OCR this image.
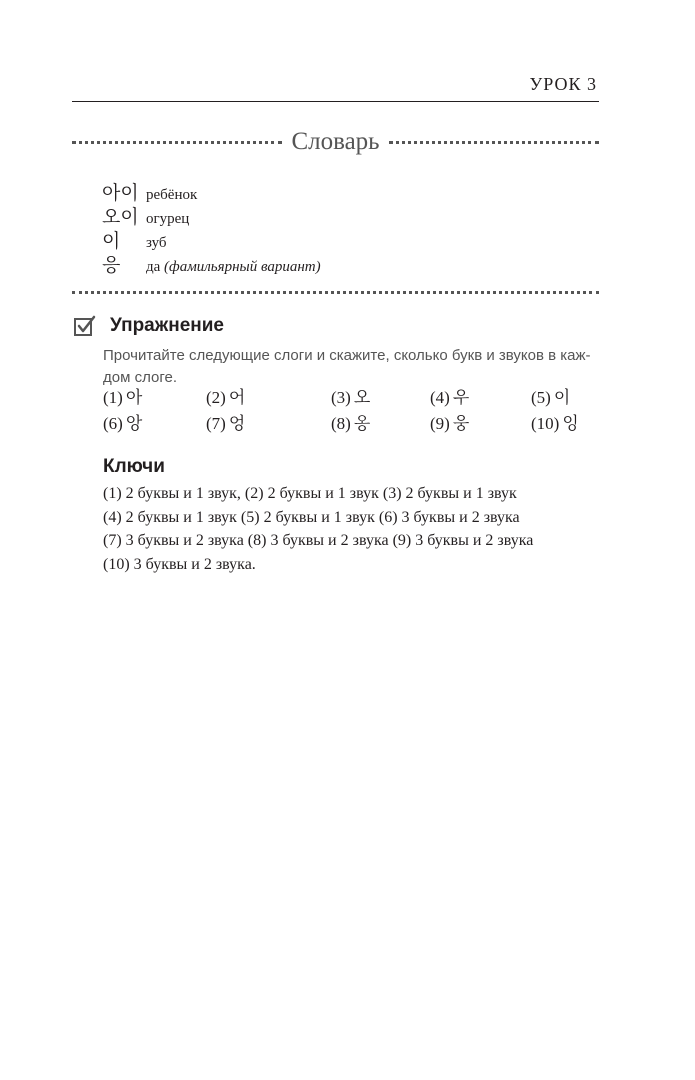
УРОК 3
Словарь
아이 ребёнок
오이 огурец
이	зуб
응	да (фамильярный вариант)
Упражнение
Прочитайте следующие слоги и скажите, сколько букв и звуков в каж-
дом слоге.
(1) 아	(2) 어	(3) 오	(4) 우	(5) 이
(6) 앙	(7) 엉	(8) 옹	(9) 웅	(10) 잉
Ключи
(1) 2 буквы и 1 звук, (2) 2 буквы и 1 звук (3) 2 буквы и 1 звук
(4) 2 буквы и 1 звук (5) 2 буквы и 1 звук (6) 3 буквы и 2 звука
(7) 3 буквы и 2 звука (8) 3 буквы и 2 звука (9) 3 буквы и 2 звука
(10) 3 буквы и 2 звука.
